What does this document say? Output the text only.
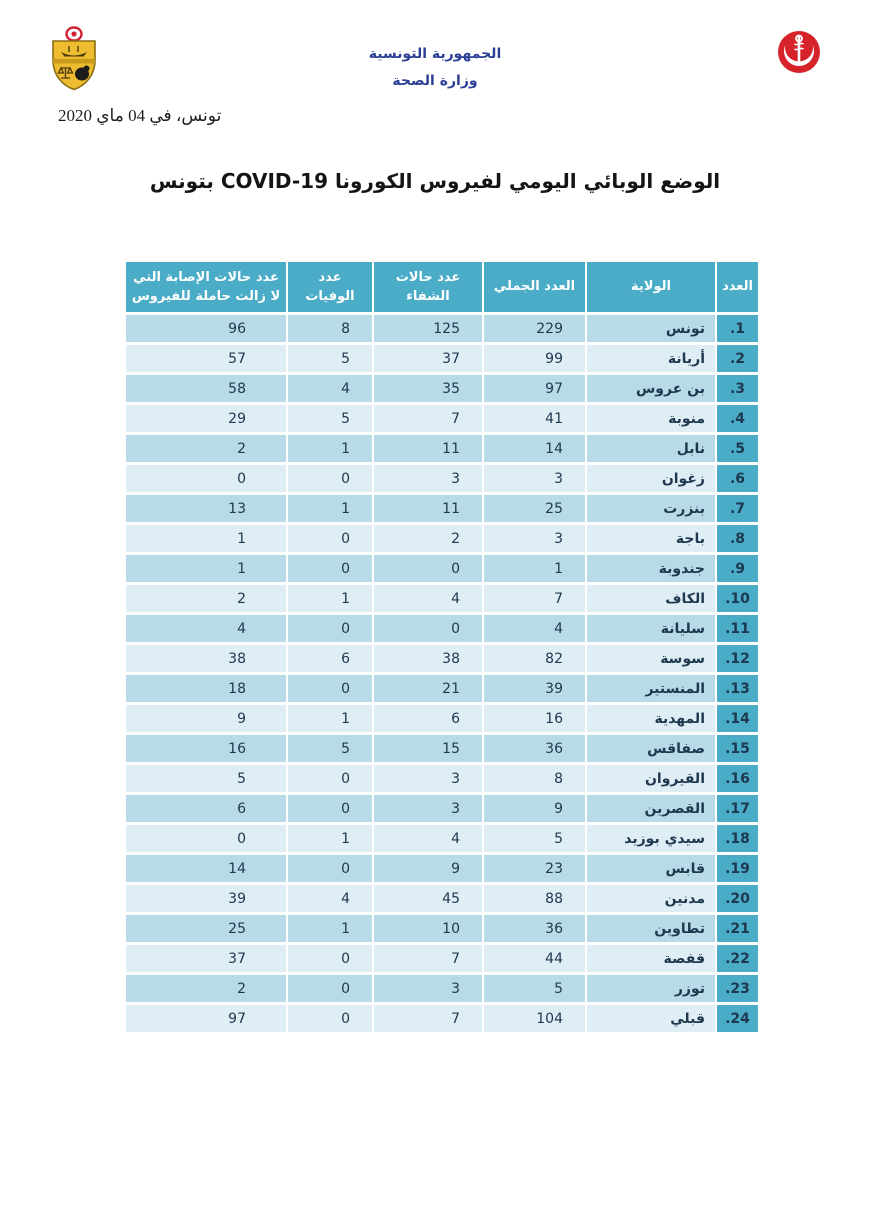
الجمهورية التونسية
وزارة الصحة
تونس، في 04 ماي 2020
الوضع الوبائي اليومي لفيروس الكورونا COVID-19 بتونس
العدد	الولاية	العدد الجملي	عدد حالات الشفاء	عدد الوفيات	عدد حالات الإصابة التي لا زالت حاملة للفيروس
1.	تونس	229	125	8	96
2.	أريانة	99	37	5	57
3.	بن عروس	97	35	4	58
4.	منوبة	41	7	5	29
5.	نابل	14	11	1	2
6.	زغوان	3	3	0	0
7.	بنزرت	25	11	1	13
8.	باجة	3	2	0	1
9.	جندوبة	1	0	0	1
10.	الكاف	7	4	1	2
11.	سليانة	4	0	0	4
12.	سوسة	82	38	6	38
13.	المنستير	39	21	0	18
14.	المهدية	16	6	1	9
15.	صفاقس	36	15	5	16
16.	القيروان	8	3	0	5
17.	القصرين	9	3	0	6
18.	سيدي بوزيد	5	4	1	0
19.	قابس	23	9	0	14
20.	مدنين	88	45	4	39
21.	تطاوين	36	10	1	25
22.	قفصة	44	7	0	37
23.	توزر	5	3	0	2
24.	قبلي	104	7	0	97
